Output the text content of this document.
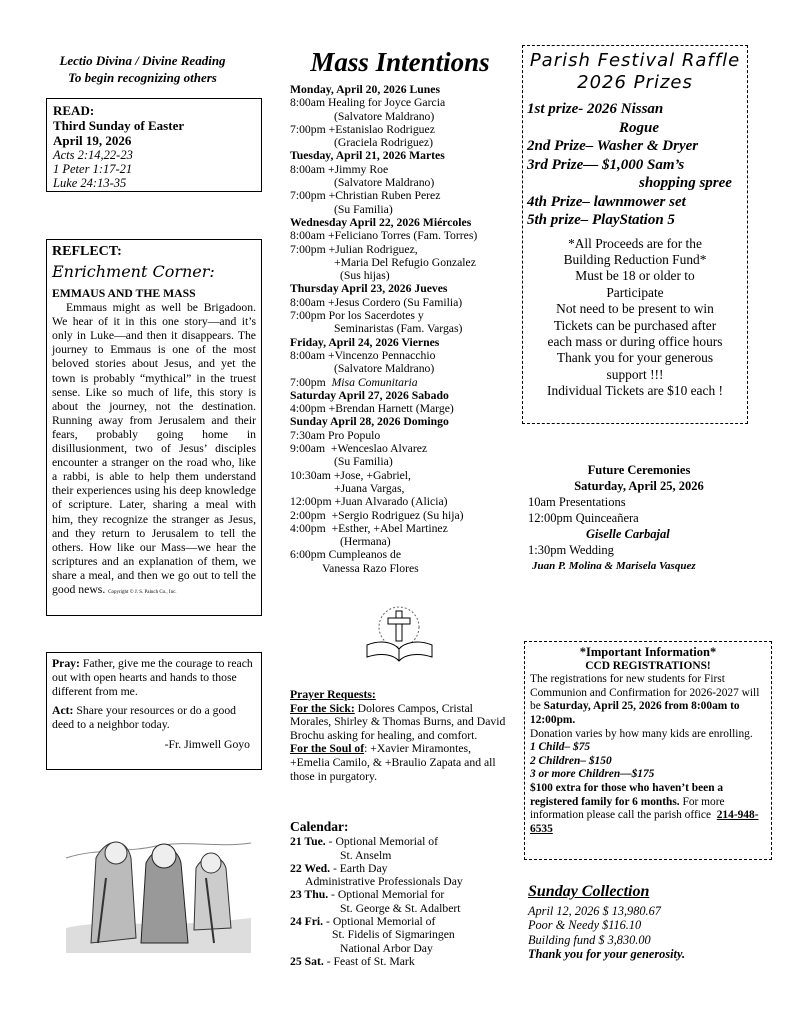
Lectio Divina / Divine Reading
To begin recognizing others
READ:
Third Sunday of Easter
April 19, 2026
Acts 2:14,22-23
1 Peter 1:17-21
Luke 24:13-35
REFLECT:
Enrichment Corner:
EMMAUS AND THE MASS

Emmaus might as well be Brigadoon. We hear of it in this one story—and it’s only in Luke—and then it disappears. The journey to Emmaus is one of the most beloved stories about Jesus, and yet the town is probably “mythical” in the truest sense. Like so much of life, this story is about the journey, not the destination. Running away from Jerusalem and their fears, probably going home in disillusionment, two of Jesus’ disciples encounter a stranger on the road who, like a rabbi, is able to help them understand their experiences using his deep knowledge of scripture. Later, sharing a meal with him, they recognize the stranger as Jesus, and they return to Jerusalem to tell the others. How like our Mass—we hear the scriptures and an explanation of them, we share a meal, and then we go out to tell the good news. Copyright © J. S. Paluch Co., Inc.

Pray: Father, give me the courage to reach out with open hearts and hands to those different from me.

Act: Share your resources or do a good deed to a neighbor today.

-Fr. Jimwell Goyo

Mass Intentions
Monday, April 20, 2026 Lunes
8:00am Healing for Joyce Garcia
(Salvatore Maldrano)
7:00pm +Estanislao Rodriguez
(Graciela Rodriguez)
Tuesday, April 21, 2026 Martes
8:00am +Jimmy Roe
(Salvatore Maldrano)
7:00pm +Christian Ruben Perez
(Su Familia)
Wednesday April 22, 2026 Miércoles
8:00am +Feliciano Torres (Fam. Torres)
7:00pm +Julian Rodriguez,
+Maria Del Refugio Gonzalez
(Sus hijas)
Thursday April 23, 2026 Jueves
8:00am +Jesus Cordero (Su Familia)
7:00pm Por los Sacerdotes y
Seminaristas (Fam. Vargas)
Friday, April 24, 2026 Viernes
8:00am +Vincenzo Pennacchio
(Salvatore Maldrano)
7:00pm Misa Comunitaria
Saturday April 27, 2026 Sabado
4:00pm +Brendan Harnett (Marge)
Sunday April 28, 2026 Domingo
7:30am Pro Populo
9:00am +Wenceslao Alvarez
(Su Familia)
10:30am +Jose, +Gabriel,
+Juana Vargas,
12:00pm +Juan Alvarado (Alicia)
2:00pm +Sergio Rodriguez (Su hija)
4:00pm +Esther, +Abel Martinez
(Hermana)
6:00pm Cumpleanos de
Vanessa Razo Flores
Prayer Requests:

For the Sick: Dolores Campos, Cristal Morales, Shirley & Thomas Burns, and David Brochu asking for healing, and comfort.

For the Soul of: +Xavier Miramontes, +Emelia Camilo, & +Braulio Zapata and all those in purgatory.

Calendar:
21 Tue. - Optional Memorial of
St. Anselm
22 Wed. - Earth Day
Administrative Professionals Day
23 Thu. - Optional Memorial for
St. George & St. Adalbert
24 Fri. - Optional Memorial of
St. Fidelis of Sigmaringen
National Arbor Day
25 Sat. - Feast of St. Mark
Parish Festival Raffle
2026 Prizes
1st prize- 2026 Nissan
Rogue
2nd Prize– Washer & Dryer
3rd Prize— $1,000 Sam’s
shopping spree
4th Prize– lawnmower set
5th prize– PlayStation 5
*All Proceeds are for the
Building Reduction Fund*
Must be 18 or older to
Participate
Not need to be present to win
Tickets can be purchased after
each mass or during office hours
Thank you for your generous
support !!!
Individual Tickets are $10 each !
Future Ceremonies
Saturday, April 25, 2026
10am Presentations
12:00pm Quinceañera
Giselle Carbajal
1:30pm Wedding
Juan P. Molina & Marisela Vasquez
*Important Information*
CCD REGISTRATIONS!

The registrations for new students for First Communion and Confirmation for 2026-2027 will be Saturday, April 25, 2026 from 8:00am to 12:00pm.

Donation varies by how many kids are enrolling.

1 Child– $75
2 Children– $150
3 or more Children—$175

$100 extra for those who haven’t been a registered family for 6 months. For more information please call the parish office 214-948-6535

Sunday Collection
April 12, 2026 $ 13,980.67
Poor & Needy $116.10
Building fund $ 3,830.00
Thank you for your generosity.
